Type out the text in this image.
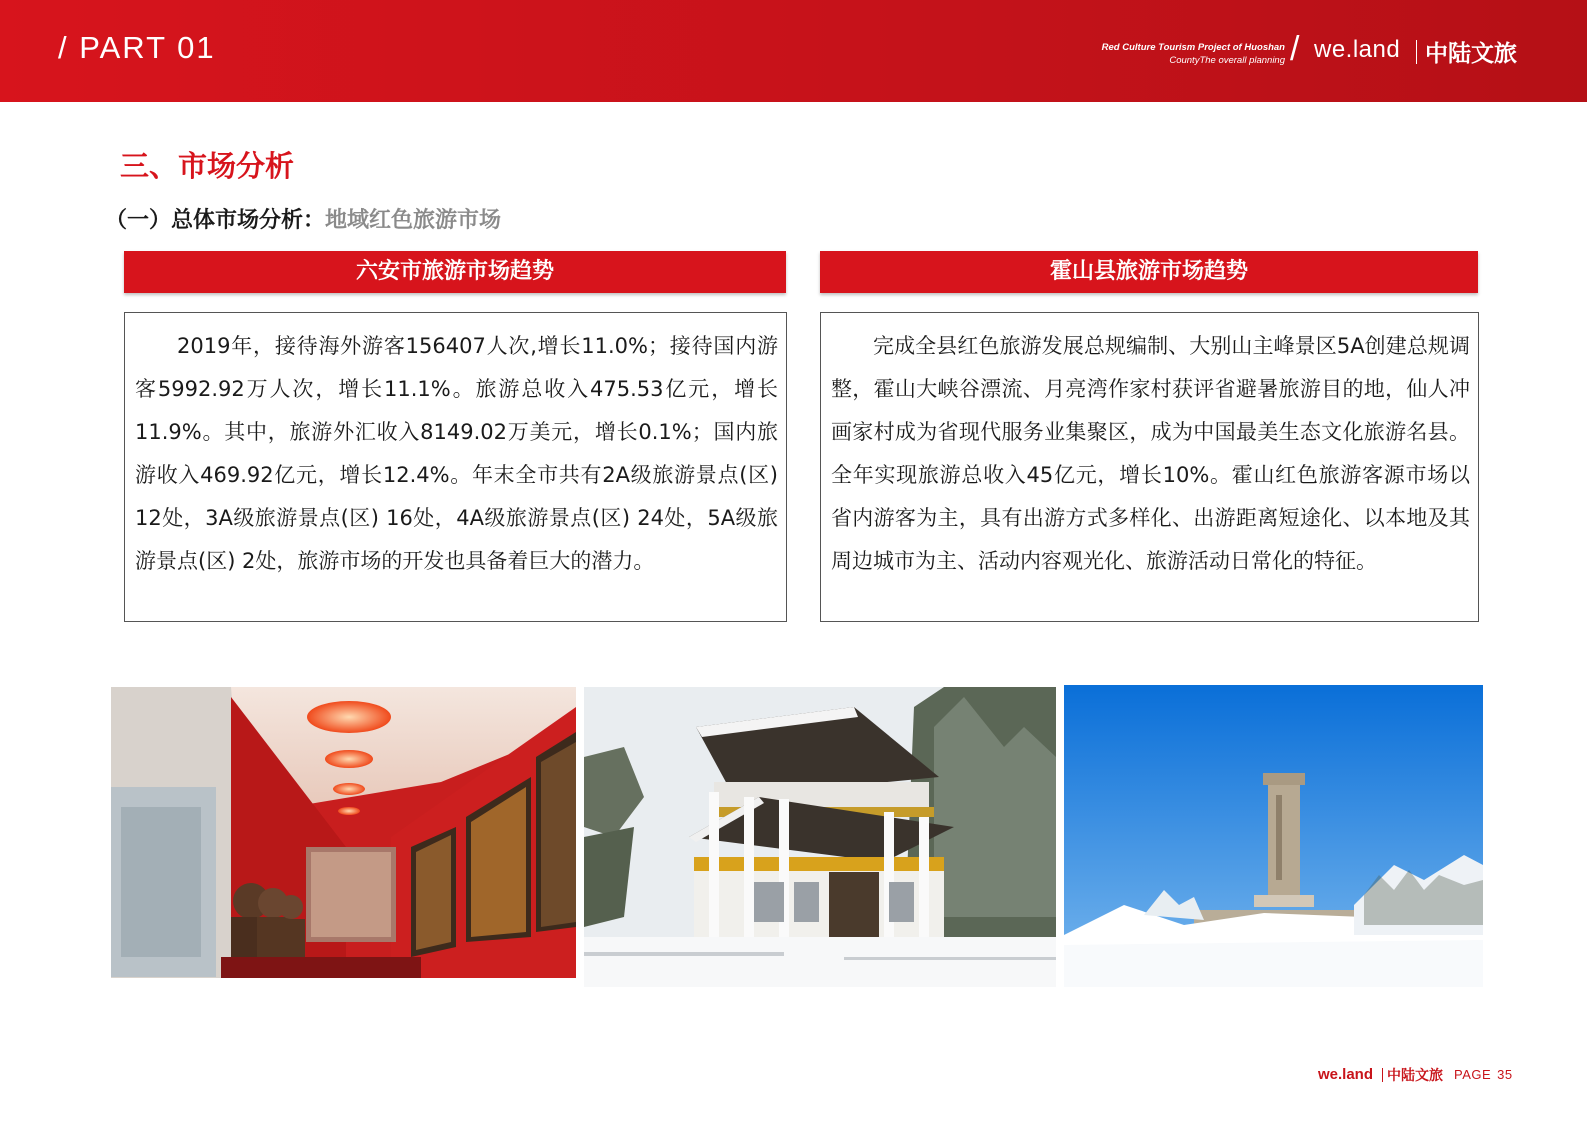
/ PART 01	Red Culture Tourism Project of Huoshan
CountyThe overall planning / we.land 中陆文旅
三、市场分析
（一）总体市场分析：地域红色旅游市场
六安市旅游市场趋势	霍山县旅游市场趋势

2019年，接待海外游客156407人次,增长11.0%；接待国内游客5992.92万人次，增长11.1%。旅游总收入475.53亿元，增长11.9%。其中，旅游外汇收入8149.02万美元，增长0.1%；国内旅游收入469.92亿元，增长12.4%。年末全市共有2A级旅游景点(区) 12处，3A级旅游景点(区) 16处，4A级旅游景点(区) 24处，5A级旅游景点(区) 2处，旅游市场的开发也具备着巨大的潜力。

完成全县红色旅游发展总规编制、大别山主峰景区5A创建总规调整，霍山大峡谷漂流、月亮湾作家村获评省避暑旅游目的地，仙人冲画家村成为省现代服务业集聚区，成为中国最美生态文化旅游名县。全年实现旅游总收入45亿元，增长10%。霍山红色旅游客源市场以省内游客为主，具有出游方式多样化、出游距离短途化、以本地及其周边城市为主、活动内容观光化、旅游活动日常化的特征。

we.land 中陆文旅 PAGE 35
